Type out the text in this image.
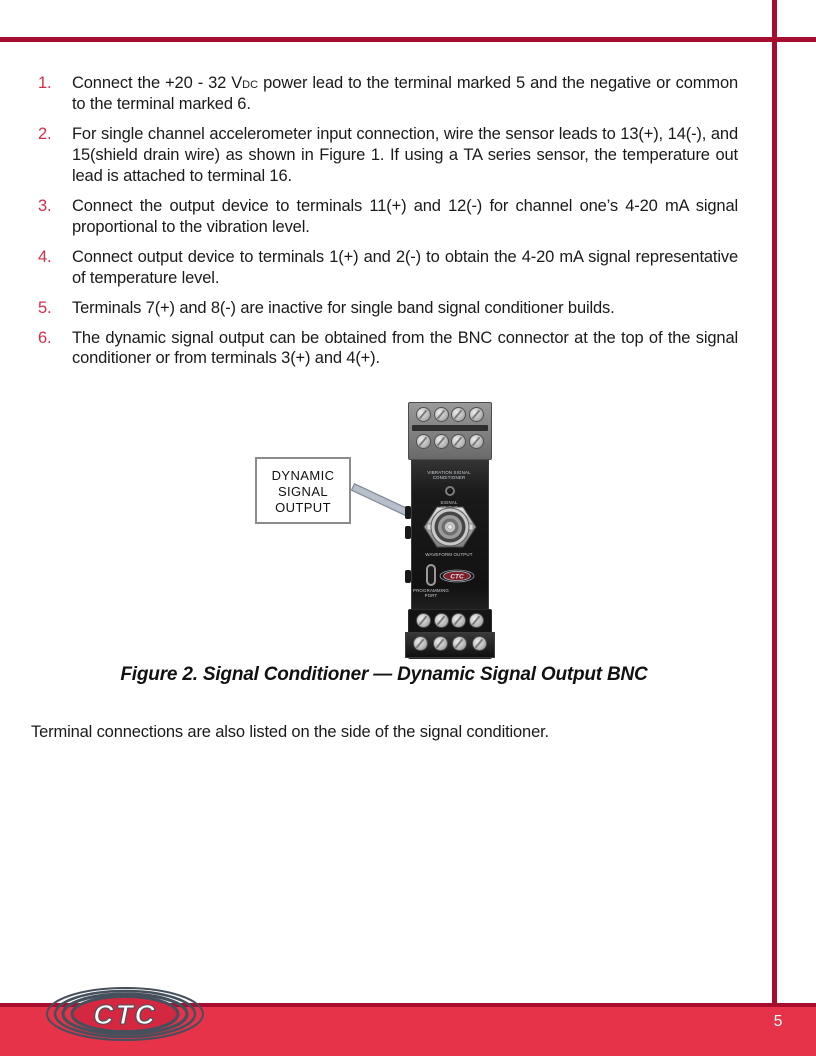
1.	Connect the +20 - 32 VDC power lead to the terminal marked 5 and the negative or common to the terminal marked 6.
2.	For single channel accelerometer input connection, wire the sensor leads to 13(+), 14(-), and 15(shield drain wire) as shown in Figure 1. If using a TA series sensor, the temperature out lead is attached to terminal 16.
3.	Connect the output device to terminals 11(+) and 12(-) for channel one’s 4-20 mA signal proportional to the vibration level.
4.	Connect output device to terminals 1(+) and 2(-) to obtain the 4-20 mA signal representative of temperature level.
5.	Terminals 7(+) and 8(-) are inactive for single band signal conditioner builds.
6.	The dynamic signal output can be obtained from the BNC connector at the top of the signal conditioner or from terminals 3(+) and 4(+).
DYNAMIC
SIGNAL
OUTPUT
VIBRATION SIGNAL
CONDITIONER
SIGNAL
WAVEFORM OUTPUT
PROGRAMMING
PORT
CTC
Figure 2. Signal Conditioner — Dynamic Signal Output BNC

Terminal connections are also listed on the side of the signal conditioner.

CTC	5
